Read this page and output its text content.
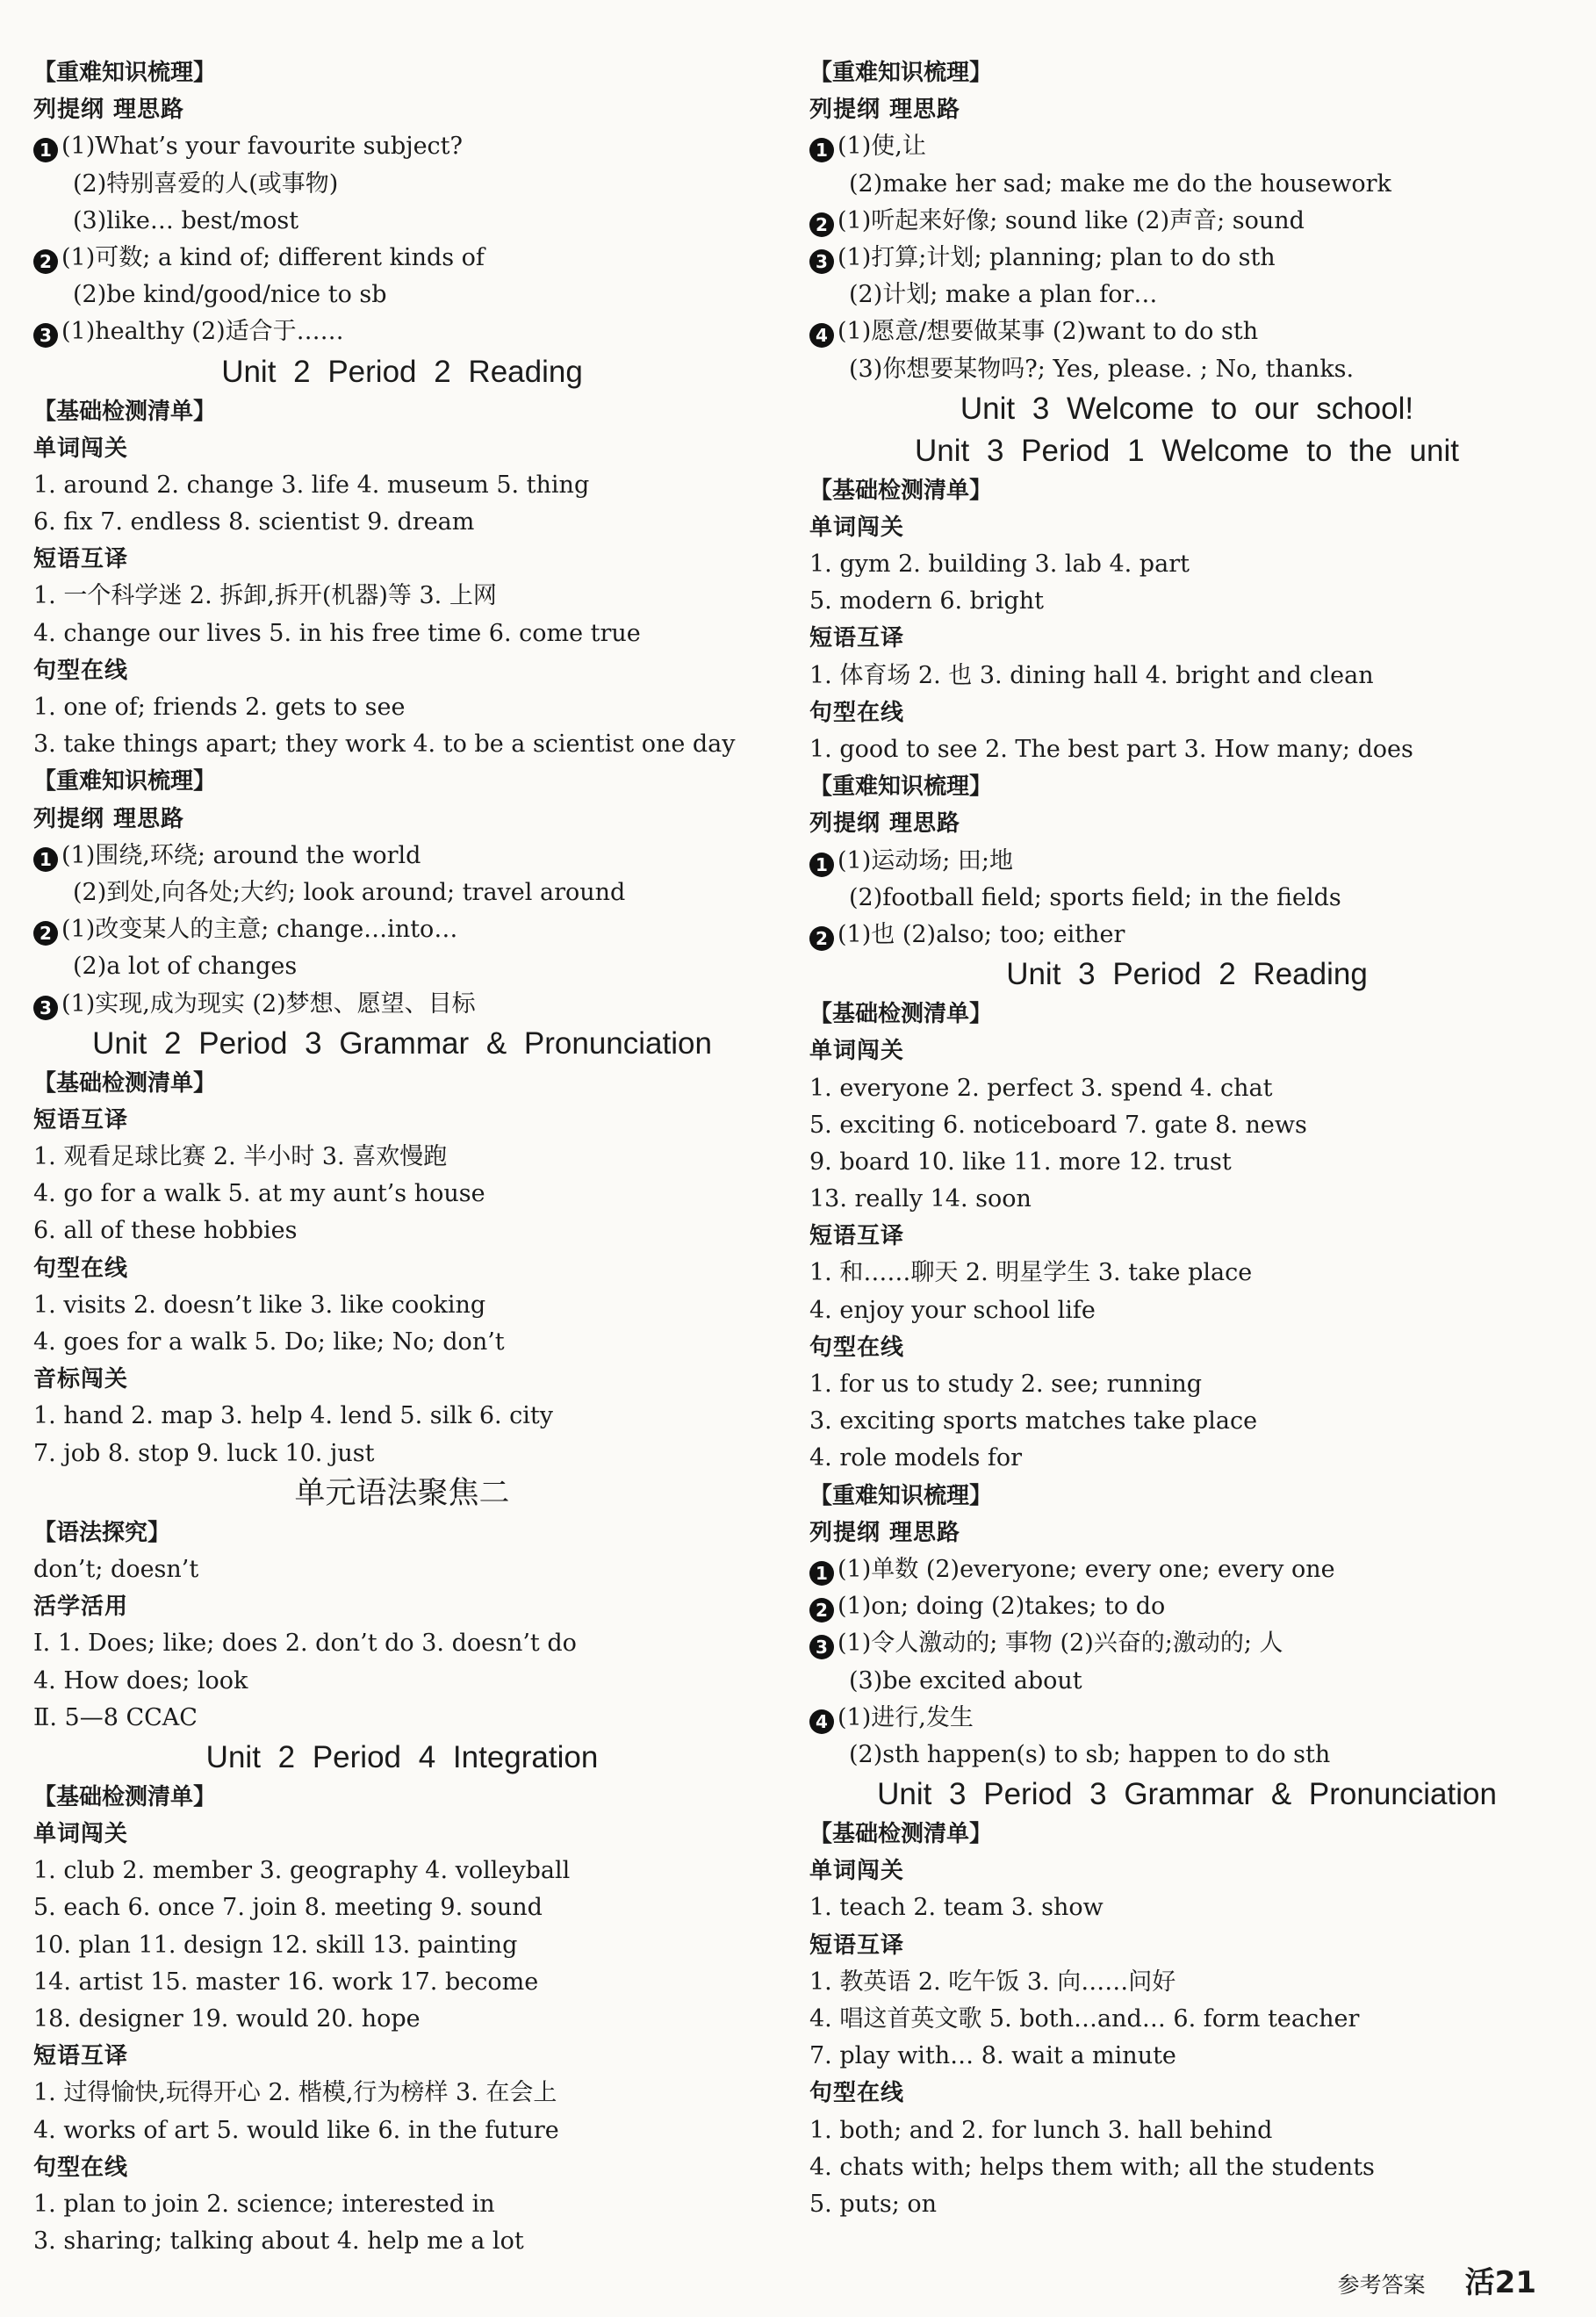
【重难知识梳理】
列提纲 理思路
1 (1)What’s your favourite subject?
(2)特别喜爱的人(或事物)
(3)like… best/most
2 (1)可数; a kind of; different kinds of
(2)be kind/good/nice to sb
3 (1)healthy (2)适合于……
Unit 2 Period 2 Reading
【基础检测清单】
单词闯关
1. around 2. change 3. life 4. museum 5. thing
6. fix 7. endless 8. scientist 9. dream
短语互译
1. 一个科学迷 2. 拆卸,拆开(机器)等 3. 上网
4. change our lives 5. in his free time 6. come true
句型在线
1. one of; friends 2. gets to see
3. take things apart; they work 4. to be a scientist one day
【重难知识梳理】
列提纲 理思路
1 (1)围绕,环绕; around the world
(2)到处,向各处;大约; look around; travel around
2 (1)改变某人的主意; change…into…
(2)a lot of changes
3 (1)实现,成为现实 (2)梦想、愿望、目标
Unit 2 Period 3 Grammar & Pronunciation
【基础检测清单】
短语互译
1. 观看足球比赛 2. 半小时 3. 喜欢慢跑
4. go for a walk 5. at my aunt’s house
6. all of these hobbies
句型在线
1. visits 2. doesn’t like 3. like cooking
4. goes for a walk 5. Do; like; No; don’t
音标闯关
1. hand 2. map 3. help 4. lend 5. silk 6. city
7. job 8. stop 9. luck 10. just
单元语法聚焦二
【语法探究】
don’t; doesn’t
活学活用
Ⅰ. 1. Does; like; does 2. don’t do 3. doesn’t do
4. How does; look
Ⅱ. 5—8 CCAC
Unit 2 Period 4 Integration
【基础检测清单】
单词闯关
1. club 2. member 3. geography 4. volleyball
5. each 6. once 7. join 8. meeting 9. sound
10. plan 11. design 12. skill 13. painting
14. artist 15. master 16. work 17. become
18. designer 19. would 20. hope
短语互译
1. 过得愉快,玩得开心 2. 楷模,行为榜样 3. 在会上
4. works of art 5. would like 6. in the future
句型在线
1. plan to join 2. science; interested in
3. sharing; talking about 4. help me a lot
【重难知识梳理】
列提纲 理思路
1 (1)使,让
(2)make her sad; make me do the housework
2 (1)听起来好像; sound like (2)声音; sound
3 (1)打算;计划; planning; plan to do sth
(2)计划; make a plan for…
4 (1)愿意/想要做某事 (2)want to do sth
(3)你想要某物吗?; Yes, please. ; No, thanks.
Unit 3 Welcome to our school!
Unit 3 Period 1 Welcome to the unit
【基础检测清单】
单词闯关
1. gym 2. building 3. lab 4. part
5. modern 6. bright
短语互译
1. 体育场 2. 也 3. dining hall 4. bright and clean
句型在线
1. good to see 2. The best part 3. How many; does
【重难知识梳理】
列提纲 理思路
1 (1)运动场; 田;地
(2)football field; sports field; in the fields
2 (1)也 (2)also; too; either
Unit 3 Period 2 Reading
【基础检测清单】
单词闯关
1. everyone 2. perfect 3. spend 4. chat
5. exciting 6. noticeboard 7. gate 8. news
9. board 10. like 11. more 12. trust
13. really 14. soon
短语互译
1. 和……聊天 2. 明星学生 3. take place
4. enjoy your school life
句型在线
1. for us to study 2. see; running
3. exciting sports matches take place
4. role models for
【重难知识梳理】
列提纲 理思路
1 (1)单数 (2)everyone; every one; every one
2 (1)on; doing (2)takes; to do
3 (1)令人激动的; 事物 (2)兴奋的;激动的; 人
(3)be excited about
4 (1)进行,发生
(2)sth happen(s) to sb; happen to do sth
Unit 3 Period 3 Grammar & Pronunciation
【基础检测清单】
单词闯关
1. teach 2. team 3. show
短语互译
1. 教英语 2. 吃午饭 3. 向……问好
4. 唱这首英文歌 5. both…and… 6. form teacher
7. play with… 8. wait a minute
句型在线
1. both; and 2. for lunch 3. hall behind
4. chats with; helps them with; all the students
5. puts; on
参考答案 活21
